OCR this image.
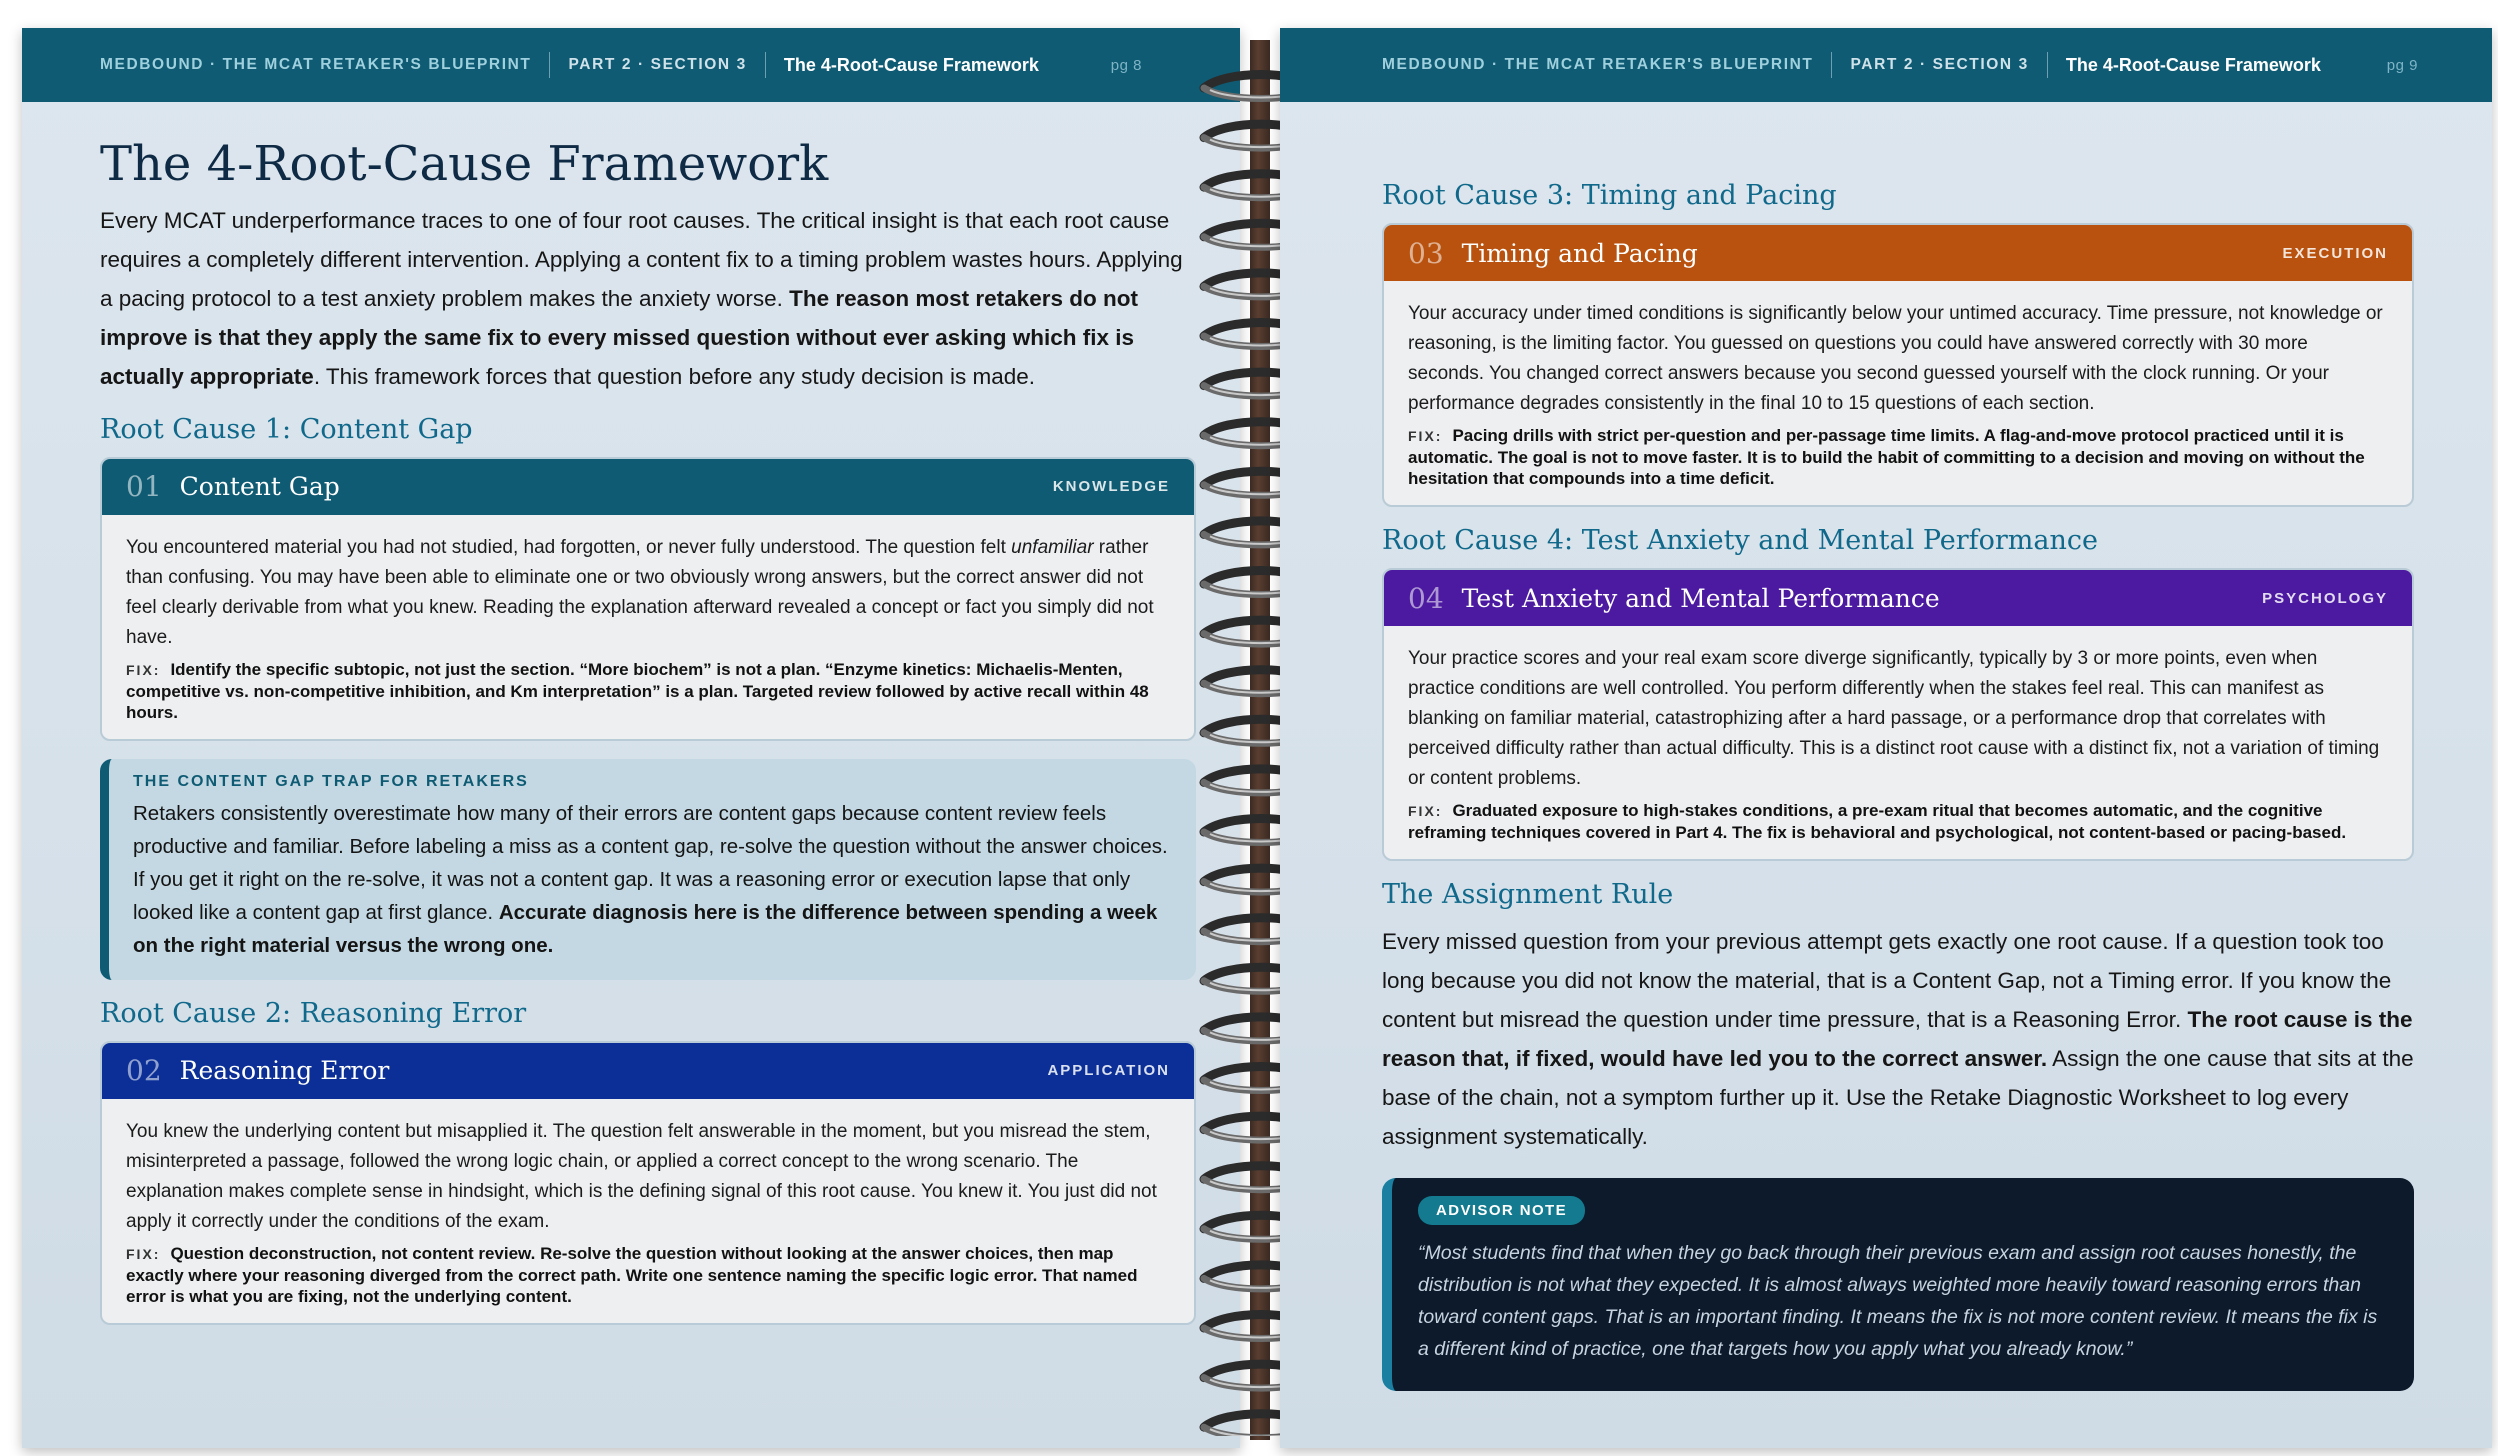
MEDBOUND · THE MCAT RETAKER'S BLUEPRINT PART 2 · SECTION 3 The 4-Root-Cause Framework	pg 8
The 4-Root-Cause Framework

Every MCAT underperformance traces to one of four root causes. The critical insight is that each root cause requires a completely different intervention. Applying a content fix to a timing problem wastes hours. Applying a pacing protocol to a test anxiety problem makes the anxiety worse. The reason most retakers do not improve is that they apply the same fix to every missed question without ever asking which fix is actually appropriate. This framework forces that question before any study decision is made.

Root Cause 1: Content Gap
01 Content Gap	KNOWLEDGE
You encountered material you had not studied, had forgotten, or never fully understood. The question felt unfamiliar rather than confusing. You may have been able to eliminate one or two obviously wrong answers, but the correct answer did not feel clearly derivable from what you knew. Reading the explanation afterward revealed a concept or fact you simply did not have.
FIX: Identify the specific subtopic, not just the section. “More biochem” is not a plan. “Enzyme kinetics: Michaelis-Menten, competitive vs. non-competitive inhibition, and Km interpretation” is a plan. Targeted review followed by active recall within 48 hours.
THE CONTENT GAP TRAP FOR RETAKERS
Retakers consistently overestimate how many of their errors are content gaps because content review feels productive and familiar. Before labeling a miss as a content gap, re-solve the question without the answer choices. If you get it right on the re-solve, it was not a content gap. It was a reasoning error or execution lapse that only looked like a content gap at first glance. Accurate diagnosis here is the difference between spending a week on the right material versus the wrong one.
Root Cause 2: Reasoning Error
02 Reasoning Error	APPLICATION
You knew the underlying content but misapplied it. The question felt answerable in the moment, but you misread the stem, misinterpreted a passage, followed the wrong logic chain, or applied a correct concept to the wrong scenario. The explanation makes complete sense in hindsight, which is the defining signal of this root cause. You knew it. You just did not apply it correctly under the conditions of the exam.
FIX: Question deconstruction, not content review. Re-solve the question without looking at the answer choices, then map exactly where your reasoning diverged from the correct path. Write one sentence naming the specific logic error. That named error is what you are fixing, not the underlying content.
MEDBOUND · THE MCAT RETAKER'S BLUEPRINT PART 2 · SECTION 3 The 4-Root-Cause Framework	pg 9
Root Cause 3: Timing and Pacing
03 Timing and Pacing	EXECUTION
Your accuracy under timed conditions is significantly below your untimed accuracy. Time pressure, not knowledge or reasoning, is the limiting factor. You guessed on questions you could have answered correctly with 30 more seconds. You changed correct answers because you second guessed yourself with the clock running. Or your performance degrades consistently in the final 10 to 15 questions of each section.
FIX: Pacing drills with strict per-question and per-passage time limits. A flag-and-move protocol practiced until it is automatic. The goal is not to move faster. It is to build the habit of committing to a decision and moving on without the hesitation that compounds into a time deficit.
Root Cause 4: Test Anxiety and Mental Performance
04 Test Anxiety and Mental Performance	PSYCHOLOGY
Your practice scores and your real exam score diverge significantly, typically by 3 or more points, even when practice conditions are well controlled. You perform differently when the stakes feel real. This can manifest as blanking on familiar material, catastrophizing after a hard passage, or a performance drop that correlates with perceived difficulty rather than actual difficulty. This is a distinct root cause with a distinct fix, not a variation of timing or content problems.
FIX: Graduated exposure to high-stakes conditions, a pre-exam ritual that becomes automatic, and the cognitive reframing techniques covered in Part 4. The fix is behavioral and psychological, not content-based or pacing-based.
The Assignment Rule

Every missed question from your previous attempt gets exactly one root cause. If a question took too long because you did not know the material, that is a Content Gap, not a Timing error. If you know the content but misread the question under time pressure, that is a Reasoning Error. The root cause is the reason that, if fixed, would have led you to the correct answer. Assign the one cause that sits at the base of the chain, not a symptom further up it. Use the Retake Diagnostic Worksheet to log every assignment systematically.

ADVISOR NOTE
“Most students find that when they go back through their previous exam and assign root causes honestly, the distribution is not what they expected. It is almost always weighted more heavily toward reasoning errors than toward content gaps. That is an important finding. It means the fix is not more content review. It means the fix is a different kind of practice, one that targets how you apply what you already know.”
